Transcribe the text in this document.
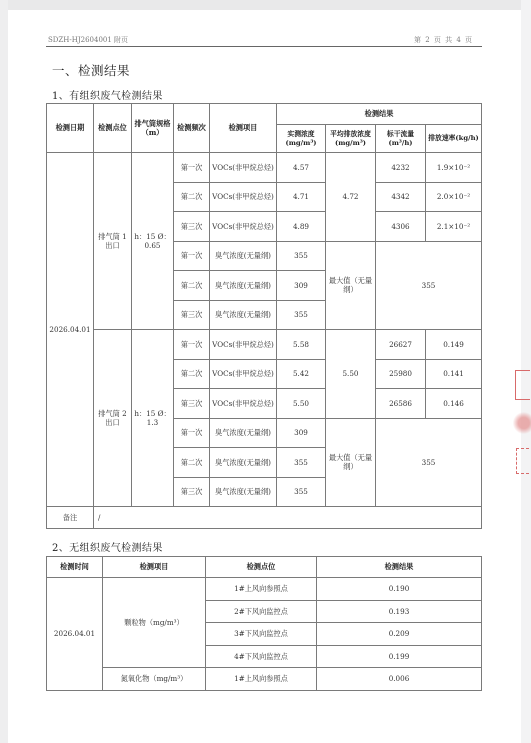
SDZH-HJ2604001 附页	第 2 页 共 4 页
一、检测结果
1、有组织废气检测结果
检测日期	检测点位	排气筒规格（m）	检测频次	检测项目	检测结果			
					实测浓度(mg/m³)	平均排放浓度(mg/m³)	标干流量(m³/h)	排放速率(kg/h)
2026.04.01	排气筒 1 出口	h：15 Ø：0.65	第一次	VOCs(非甲烷总烃)	4.57	4.72	4232	1.9×10⁻²
			第二次	VOCs(非甲烷总烃)	4.71		4342	2.0×10⁻²
			第三次	VOCs(非甲烷总烃)	4.89		4306	2.1×10⁻²
			第一次	臭气浓度(无量纲)	355	最大值（无量纲）	355	
			第二次	臭气浓度(无量纲)	309			
			第三次	臭气浓度(无量纲)	355			
	排气筒 2 出口	h：15 Ø：1.3	第一次	VOCs(非甲烷总烃)	5.58	5.50	26627	0.149
			第二次	VOCs(非甲烷总烃)	5.42		25980	0.141
			第三次	VOCs(非甲烷总烃)	5.50		26586	0.146
			第一次	臭气浓度(无量纲)	309	最大值（无量纲）	355	
			第二次	臭气浓度(无量纲)	355			
			第三次	臭气浓度(无量纲)	355			
备注	/							
2、无组织废气检测结果
检测时间	检测项目	检测点位	检测结果
2026.04.01	颗粒物（mg/m³）	1#上风向参照点	0.190
		2#下风向监控点	0.193
		3#下风向监控点	0.209
		4#下风向监控点	0.199
	氮氧化物（mg/m³）	1#上风向参照点	0.006
